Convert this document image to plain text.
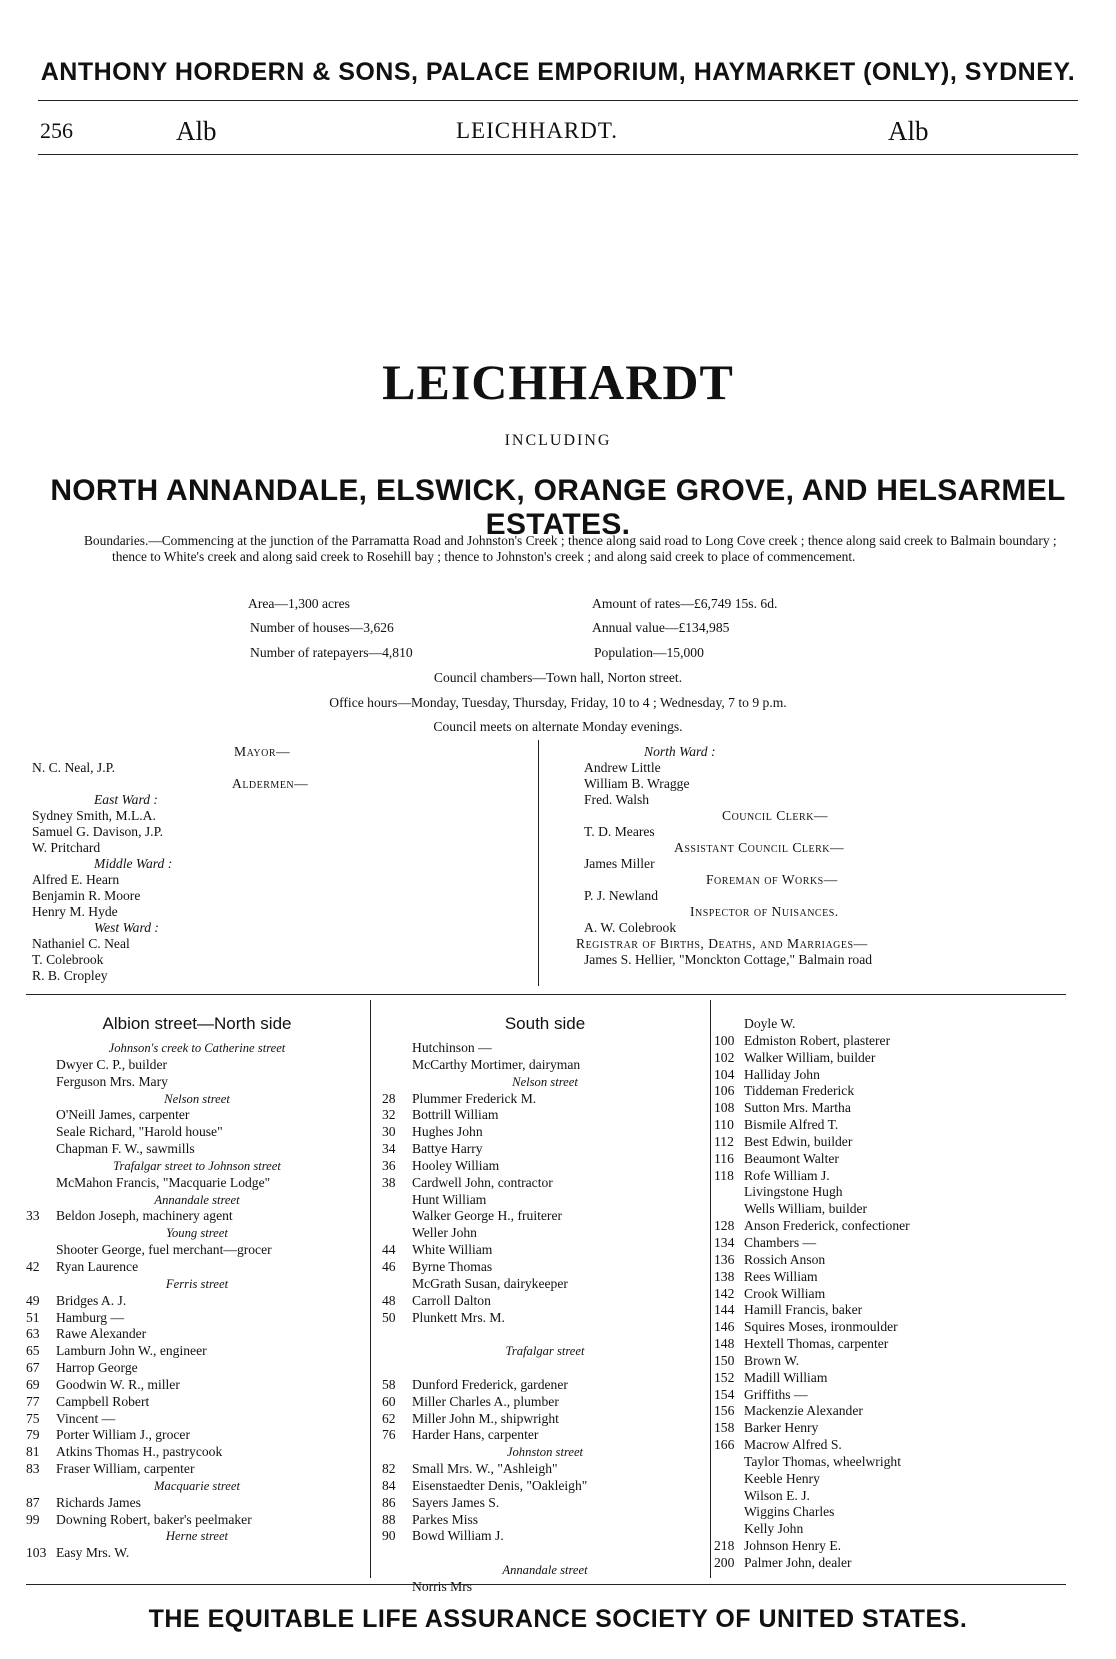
ANTHONY HORDERN & SONS, PALACE EMPORIUM, HAYMARKET (ONLY), SYDNEY.
256	Alb	LEICHHARDT.	Alb
LEICHHARDT
INCLUDING
NORTH ANNANDALE, ELSWICK, ORANGE GROVE, AND HELSARMEL ESTATES.
Boundaries.—Commencing at the junction of the Parramatta Road and Johnston's Creek ; thence along said road to Long Cove creek ; thence along said creek to Balmain boundary ; thence to White's creek and along said creek to Rosehill bay ; thence to Johnston's creek ; and along said creek to place of commencement.
Area—1,300 acres	Amount of rates—£6,749 15s. 6d.
Number of houses—3,626	Annual value—£134,985
Number of ratepayers—4,810	Population—15,000
Council chambers—Town hall, Norton street.
Office hours—Monday, Tuesday, Thursday, Friday, 10 to 4 ; Wednesday, 7 to 9 p.m.
Council meets on alternate Monday evenings.
Mayor—
N. C. Neal, J.P.
Aldermen—
East Ward :
Sydney Smith, M.L.A.
Samuel G. Davison, J.P.
W. Pritchard
Middle Ward :
Alfred E. Hearn
Benjamin R. Moore
Henry M. Hyde
West Ward :
Nathaniel C. Neal
T. Colebrook
R. B. Cropley
North Ward :
Andrew Little
William B. Wragge
Fred. Walsh
Council Clerk—
T. D. Meares
Assistant Council Clerk—
James Miller
Foreman of Works—
P. J. Newland
Inspector of Nuisances.
A. W. Colebrook
Registrar of Births, Deaths, and Marriages—
James S. Hellier, "Monckton Cottage," Balmain road
Albion street—North side
Johnson's creek to Catherine street
Dwyer C. P., builder
Ferguson Mrs. Mary
Nelson street
O'Neill James, carpenter
Seale Richard, "Harold house"
Chapman F. W., sawmills
Trafalgar street to Johnson street
McMahon Francis, "Macquarie Lodge"
Annandale street
33 Beldon Joseph, machinery agent
Young street
Shooter George, fuel merchant—grocer
42 Ryan Laurence
Ferris street
49 Bridges A. J.
51 Hamburg —
63 Rawe Alexander
65 Lamburn John W., engineer
67 Harrop George
69 Goodwin W. R., miller
77 Campbell Robert
75 Vincent —
79 Porter William J., grocer
81 Atkins Thomas H., pastrycook
83 Fraser William, carpenter
Macquarie street
87 Richards James
99 Downing Robert, baker's peelmaker
Herne street
103 Easy Mrs. W.
South side
Hutchinson —
McCarthy Mortimer, dairyman
Nelson street
28 Plummer Frederick M.
32 Bottrill William
30 Hughes John
34 Battye Harry
36 Hooley William
38 Cardwell John, contractor
Hunt William
Walker George H., fruiterer
Weller John
44 White William
46 Byrne Thomas
McGrath Susan, dairykeeper
48 Carroll Dalton
50 Plunkett Mrs. M.
Trafalgar street
58 Dunford Frederick, gardener
60 Miller Charles A., plumber
62 Miller John M., shipwright
76 Harder Hans, carpenter
Johnston street
82 Small Mrs. W., "Ashleigh"
84 Eisenstaedter Denis, "Oakleigh"
86 Sayers James S.
88 Parkes Miss
90 Bowd William J.
Annandale street
Norris Mrs
Doyle W.
100 Edmiston Robert, plasterer
102 Walker William, builder
104 Halliday John
106 Tiddeman Frederick
108 Sutton Mrs. Martha
110 Bismile Alfred T.
112 Best Edwin, builder
116 Beaumont Walter
118 Rofe William J.
Livingstone Hugh
Wells William, builder
128 Anson Frederick, confectioner
134 Chambers —
136 Rossich Anson
138 Rees William
142 Crook William
144 Hamill Francis, baker
146 Squires Moses, ironmoulder
148 Hextell Thomas, carpenter
150 Brown W.
152 Madill William
154 Griffiths —
156 Mackenzie Alexander
158 Barker Henry
166 Macrow Alfred S.
Taylor Thomas, wheelwright
Keeble Henry
Wilson E. J.
Wiggins Charles
Kelly John
218 Johnson Henry E.
200 Palmer John, dealer
THE EQUITABLE LIFE ASSURANCE SOCIETY OF UNITED STATES.
